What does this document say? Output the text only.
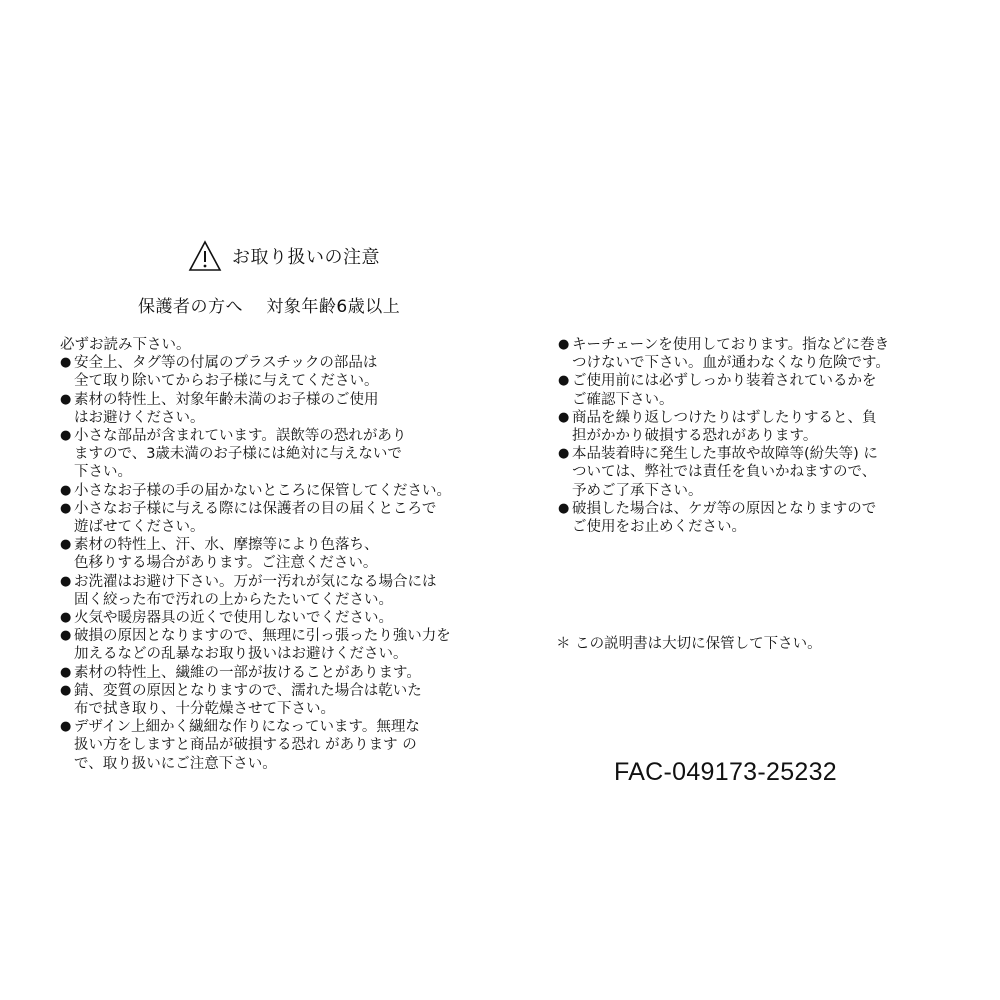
お取り扱いの注意
保護者の方へ　 対象年齢6歳以上

必ずお読み下さい。

● 安全上、タグ等の付属のプラスチックの部品は
全て取り除いてからお子様に与えてください。
● 素材の特性上、対象年齢未満のお子様のご使用
はお避けください。
● 小さな部品が含まれています。誤飲等の恐れがあり
ますので、3歳未満のお子様には絶対に与えないで
下さい。
● 小さなお子様の手の届かないところに保管してください。
● 小さなお子様に与える際には保護者の目の届くところで
遊ばせてください。
● 素材の特性上、汗、水、摩擦等により色落ち、
色移りする場合があります。ご注意ください。
● お洗濯はお避け下さい。万が一汚れが気になる場合には
固く絞った布で汚れの上からたたいてください。
● 火気や暖房器具の近くで使用しないでください。
● 破損の原因となりますので、無理に引っ張ったり強い力を
加えるなどの乱暴なお取り扱いはお避けください。
● 素材の特性上、繊維の一部が抜けることがあります。
● 錆、変質の原因となりますので、濡れた場合は乾いた
布で拭き取り、十分乾燥させて下さい。
● デザイン上細かく繊細な作りになっています。無理な
扱い方をしますと商品が破損する恐れ があります の
で、取り扱いにご注意下さい。
● キーチェーンを使用しております。指などに巻き
つけないで下さい。血が通わなくなり危険です。
● ご使用前には必ずしっかり装着されているかを
ご確認下さい。
● 商品を繰り返しつけたりはずしたりすると、負
担がかかり破損する恐れがあります。
● 本品装着時に発生した事故や故障等(紛失等) に
ついては、弊社では責任を負いかねますので、
予めご了承下さい。
● 破損した場合は、ケガ等の原因となりますので
ご使用をお止めください。
＊ この説明書は大切に保管して下さい。
FAC-049173-25232
